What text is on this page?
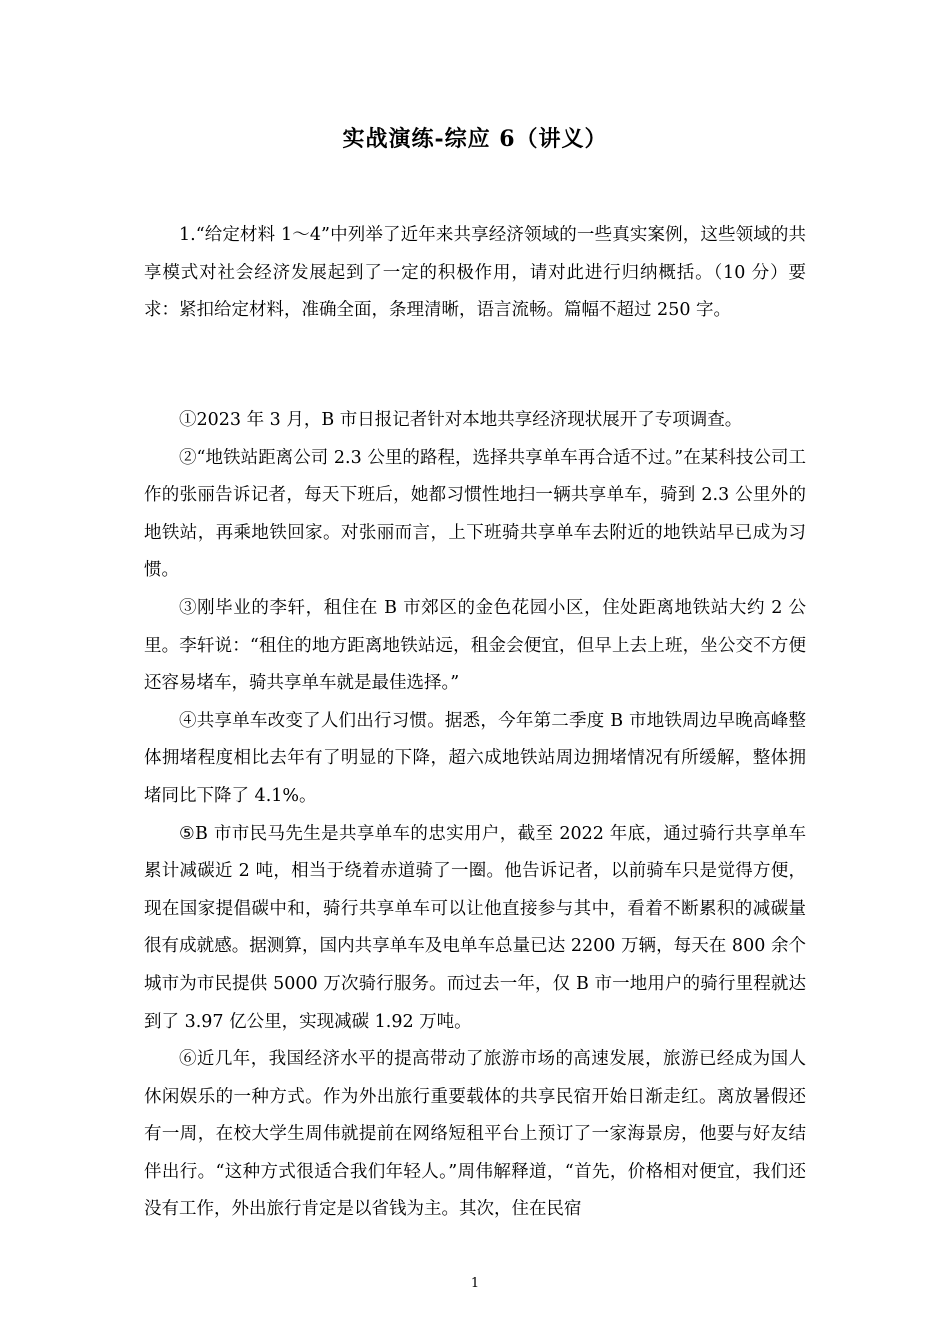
实战演练-综应 6（讲义）

1.“给定材料 1～4”中列举了近年来共享经济领域的一些真实案例，这些领域的共享模式对社会经济发展起到了一定的积极作用，请对此进行归纳概括。（10 分）要求：紧扣给定材料，准确全面，条理清晰，语言流畅。篇幅不超过 250 字。

①2023 年 3 月，B 市日报记者针对本地共享经济现状展开了专项调查。

②“地铁站距离公司 2.3 公里的路程，选择共享单车再合适不过。”在某科技公司工作的张丽告诉记者，每天下班后，她都习惯性地扫一辆共享单车，骑到 2.3 公里外的地铁站，再乘地铁回家。对张丽而言，上下班骑共享单车去附近的地铁站早已成为习惯。

③刚毕业的李轩，租住在 B 市郊区的金色花园小区，住处距离地铁站大约 2 公里。李轩说：“租住的地方距离地铁站远，租金会便宜，但早上去上班，坐公交不方便还容易堵车，骑共享单车就是最佳选择。”

④共享单车改变了人们出行习惯。据悉，今年第二季度 B 市地铁周边早晚高峰整体拥堵程度相比去年有了明显的下降，超六成地铁站周边拥堵情况有所缓解，整体拥堵同比下降了 4.1%。

⑤B 市市民马先生是共享单车的忠实用户，截至 2022 年底，通过骑行共享单车累计减碳近 2 吨，相当于绕着赤道骑了一圈。他告诉记者，以前骑车只是觉得方便，现在国家提倡碳中和，骑行共享单车可以让他直接参与其中，看着不断累积的减碳量很有成就感。据测算，国内共享单车及电单车总量已达 2200 万辆，每天在 800 余个城市为市民提供 5000 万次骑行服务。而过去一年，仅 B 市一地用户的骑行里程就达到了 3.97 亿公里，实现减碳 1.92 万吨。

⑥近几年，我国经济水平的提高带动了旅游市场的高速发展，旅游已经成为国人休闲娱乐的一种方式。作为外出旅行重要载体的共享民宿开始日渐走红。离放暑假还有一周，在校大学生周伟就提前在网络短租平台上预订了一家海景房，他要与好友结伴出行。“这种方式很适合我们年轻人。”周伟解释道，“首先，价格相对便宜，我们还没有工作，外出旅行肯定是以省钱为主。其次，住在民宿

1
